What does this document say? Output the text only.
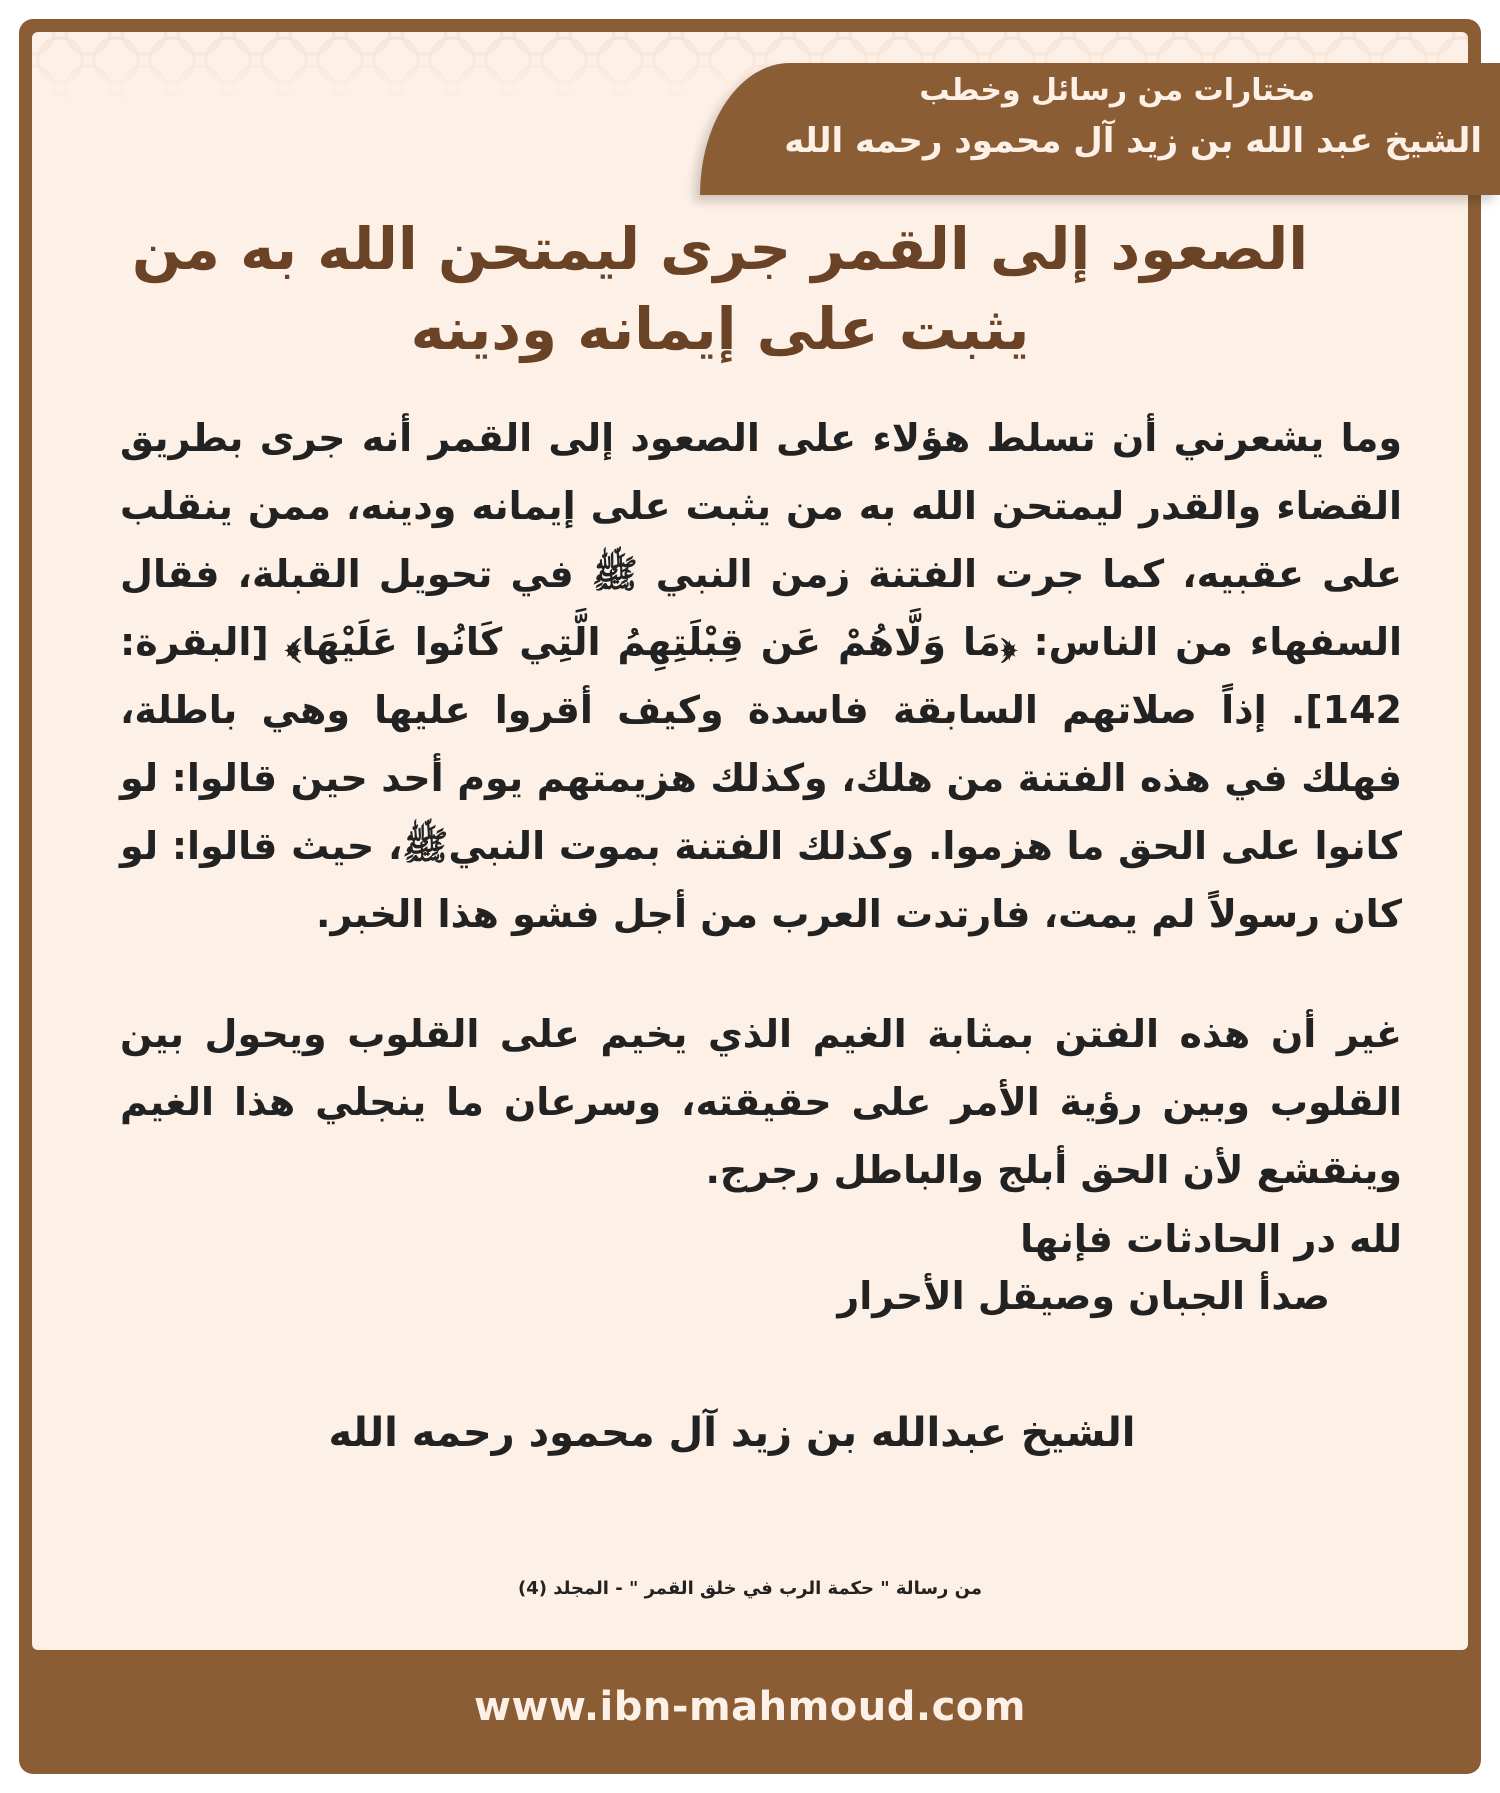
مختارات من رسائل وخطب
الشيخ عبد الله بن زيد آل محمود رحمه الله
الصعود إلى القمر جرى ليمتحن الله به من
يثبت على إيمانه ودينه
وما يشعرني أن تسلط هؤلاء على الصعود إلى القمر أنه جرى بطريق القضاء والقدر ليمتحن الله به من يثبت على إيمانه ودينه، ممن ينقلب على عقبيه، كما جرت الفتنة زمن النبي ﷺ في تحويل القبلة، فقال السفهاء من الناس: ﴿مَا وَلَّاهُمْ عَن قِبْلَتِهِمُ الَّتِي كَانُوا عَلَيْهَا﴾ [البقرة: 142]. إذاً صلاتهم السابقة فاسدة وكيف أقروا عليها وهي باطلة، فهلك في هذه الفتنة من هلك، وكذلك هزيمتهم يوم أحد حين قالوا: لو كانوا على الحق ما هزموا. وكذلك الفتنة بموت النبيﷺ، حيث قالوا: لو كان رسولاً لم يمت، فارتدت العرب من أجل فشو هذا الخبر.
غير أن هذه الفتن بمثابة الغيم الذي يخيم على القلوب ويحول بين القلوب وبين رؤية الأمر على حقيقته، وسرعان ما ينجلي هذا الغيم وينقشع لأن الحق أبلج والباطل رجرج.
لله در الحادثات فإنها
صدأ الجبان وصيقل الأحرار
الشيخ عبدالله بن زيد آل محمود رحمه الله
من رسالة " حكمة الرب في خلق القمر " - المجلد (4)
www.ibn-mahmoud.com
